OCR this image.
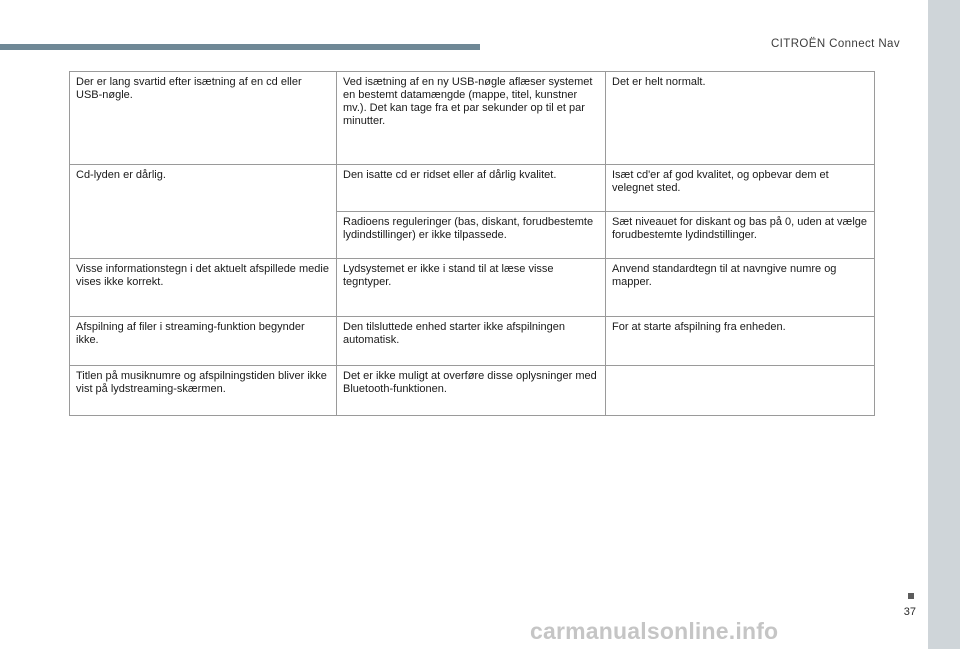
CITROËN Connect Nav
37
Der er lang svartid efter isætning af en cd eller USB-nøgle.	Ved isætning af en ny USB-nøgle aflæser systemet en bestemt datamængde (mappe, titel, kunstner mv.). Det kan tage fra et par sekunder op til et par minutter.	Det er helt normalt.
Cd-lyden er dårlig.	Den isatte cd er ridset eller af dårlig kvalitet.	Isæt cd'er af god kvalitet, og opbevar dem et velegnet sted.
	Radioens reguleringer (bas, diskant, forudbestemte lydindstillinger) er ikke tilpassede.	Sæt niveauet for diskant og bas på 0, uden at vælge forudbestemte lydindstillinger.
Visse informationstegn i det aktuelt afspillede medie vises ikke korrekt.	Lydsystemet er ikke i stand til at læse visse tegntyper.	Anvend standardtegn til at navngive numre og mapper.
Afspilning af filer i streaming-funktion begynder ikke.	Den tilsluttede enhed starter ikke afspilningen automatisk.	For at starte afspilning fra enheden.
Titlen på musiknumre og afspilningstiden bliver ikke vist på lydstreaming-skærmen.	Det er ikke muligt at overføre disse oplysninger med Bluetooth-funktionen.	
carmanualsonline.info
